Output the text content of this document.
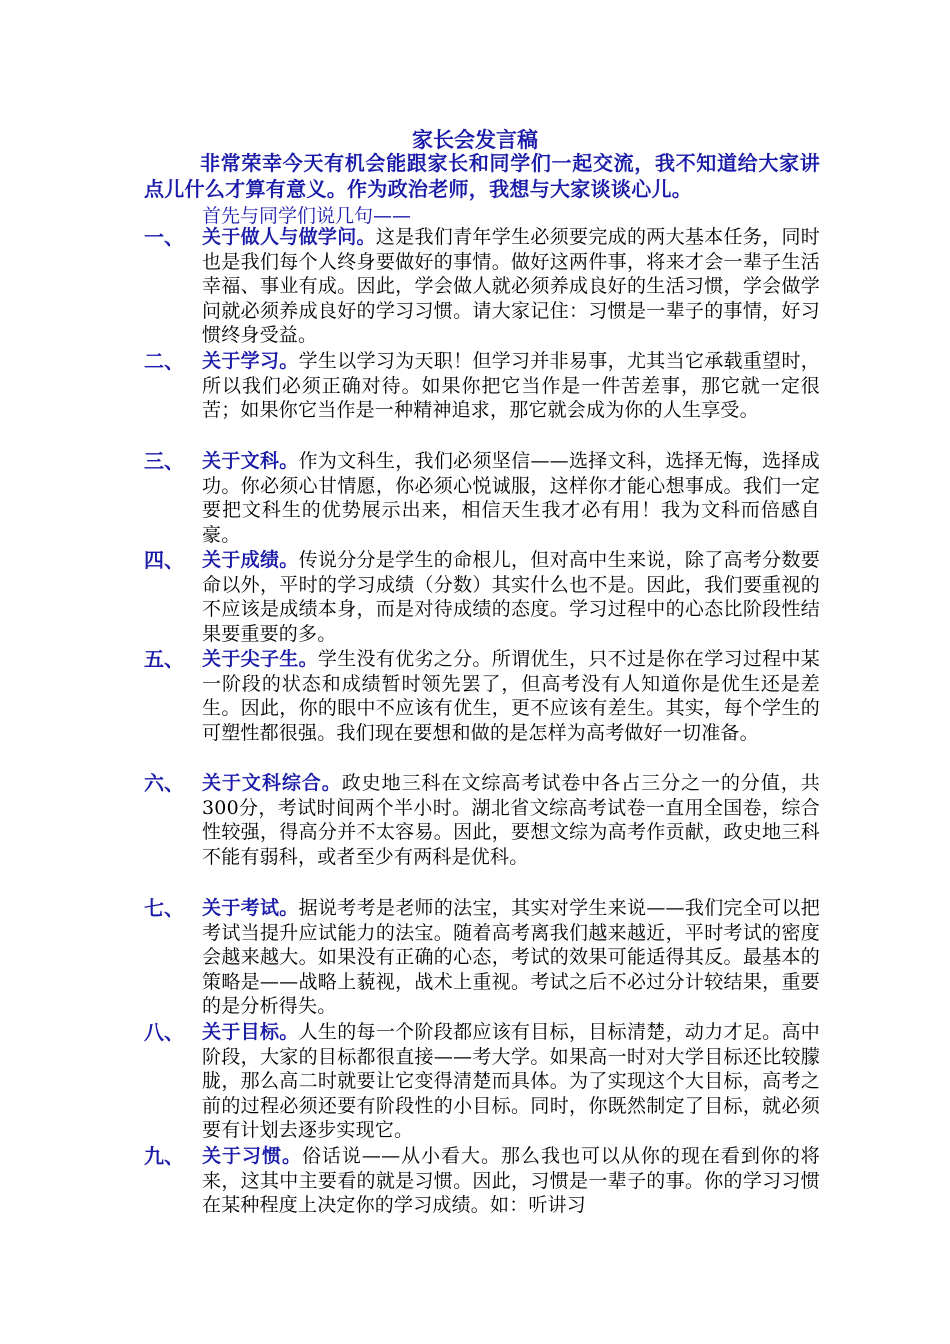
家长会发言稿
非常荣幸今天有机会能跟家长和同学们一起交流，我不知道给大家讲点儿什么才算有意义。作为政治老师，我想与大家谈谈心儿。
首先与同学们说几句——
一、 关于做人与做学问。这是我们青年学生必须要完成的两大基本任务，同时也是我们每个人终身要做好的事情。做好这两件事，将来才会一辈子生活幸福、事业有成。因此，学会做人就必须养成良好的生活习惯，学会做学问就必须养成良好的学习习惯。请大家记住：习惯是一辈子的事情，好习惯终身受益。
二、 关于学习。学生以学习为天职！但学习并非易事，尤其当它承载重望时，所以我们必须正确对待。如果你把它当作是一件苦差事，那它就一定很苦；如果你它当作是一种精神追求，那它就会成为你的人生享受。
三、 关于文科。作为文科生，我们必须坚信——选择文科，选择无悔，选择成功。你必须心甘情愿，你必须心悦诚服，这样你才能心想事成。我们一定要把文科生的优势展示出来，相信天生我才必有用！我为文科而倍感自豪。
四、 关于成绩。传说分分是学生的命根儿，但对高中生来说，除了高考分数要命以外，平时的学习成绩（分数）其实什么也不是。因此，我们要重视的不应该是成绩本身，而是对待成绩的态度。学习过程中的心态比阶段性结果要重要的多。
五、 关于尖子生。学生没有优劣之分。所谓优生，只不过是你在学习过程中某一阶段的状态和成绩暂时领先罢了，但高考没有人知道你是优生还是差生。因此，你的眼中不应该有优生，更不应该有差生。其实，每个学生的可塑性都很强。我们现在要想和做的是怎样为高考做好一切准备。
六、 关于文科综合。政史地三科在文综高考试卷中各占三分之一的分值，共300分，考试时间两个半小时。湖北省文综高考试卷一直用全国卷，综合性较强，得高分并不太容易。因此，要想文综为高考作贡献，政史地三科不能有弱科，或者至少有两科是优科。
七、 关于考试。据说考考是老师的法宝，其实对学生来说——我们完全可以把考试当提升应试能力的法宝。随着高考离我们越来越近，平时考试的密度会越来越大。如果没有正确的心态，考试的效果可能适得其反。最基本的策略是——战略上藐视，战术上重视。考试之后不必过分计较结果，重要的是分析得失。
八、 关于目标。人生的每一个阶段都应该有目标，目标清楚，动力才足。高中阶段，大家的目标都很直接——考大学。如果高一时对大学目标还比较朦胧，那么高二时就要让它变得清楚而具体。为了实现这个大目标，高考之前的过程必须还要有阶段性的小目标。同时，你既然制定了目标，就必须要有计划去逐步实现它。
九、 关于习惯。俗话说——从小看大。那么我也可以从你的现在看到你的将来，这其中主要看的就是习惯。因此，习惯是一辈子的事。你的学习习惯在某种程度上决定你的学习成绩。如：听讲习
